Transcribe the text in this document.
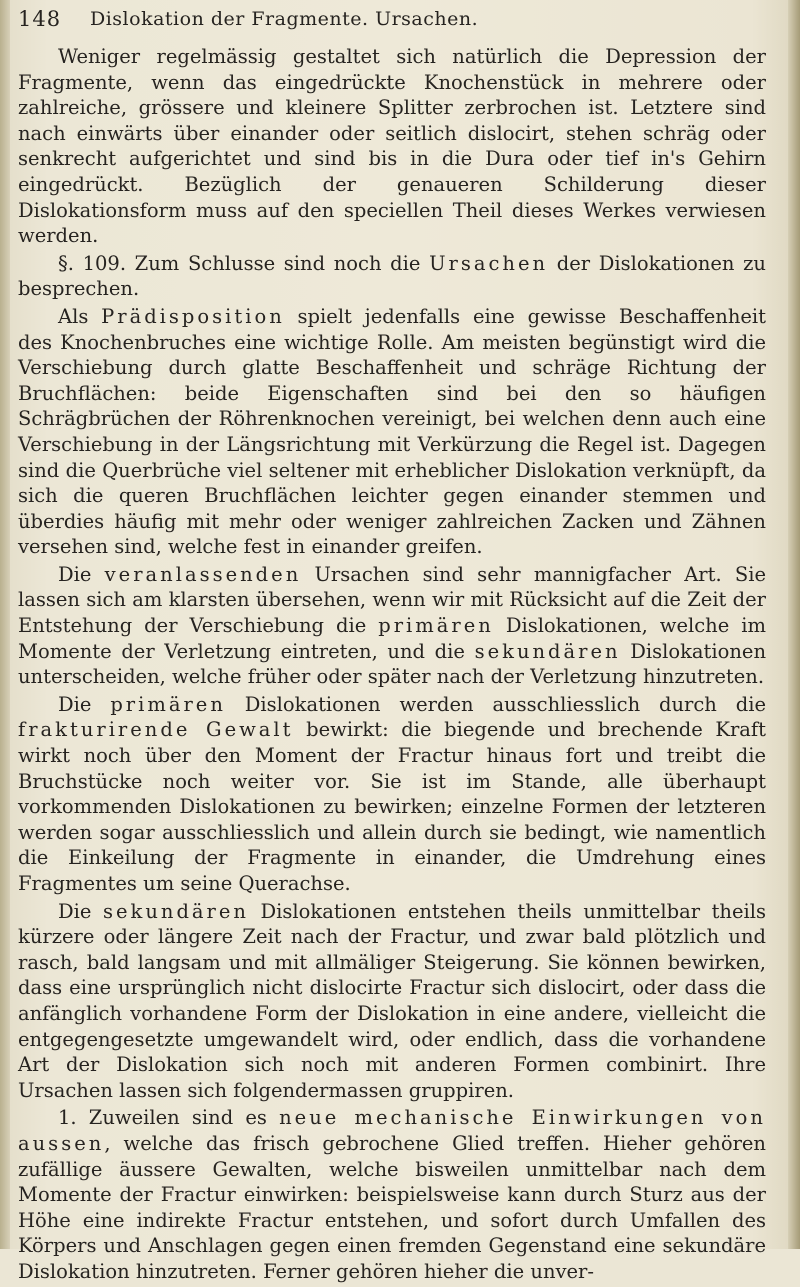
148 Dislokation der Fragmente. Ursachen.

Weniger regelmässig gestaltet sich natürlich die Depression der Fragmente, wenn das eingedrückte Knochenstück in mehrere oder zahlreiche, grössere und kleinere Splitter zerbrochen ist. Letztere sind nach einwärts über einander oder seitlich dislocirt, stehen schräg oder senkrecht aufgerichtet und sind bis in die Dura oder tief in's Gehirn eingedrückt. Bezüglich der genaueren Schilderung dieser Dislokationsform muss auf den speciellen Theil dieses Werkes verwiesen werden.

§. 109. Zum Schlusse sind noch die Ursachen der Dislokationen zu besprechen.

Als Prädisposition spielt jedenfalls eine gewisse Beschaffenheit des Knochenbruches eine wichtige Rolle. Am meisten begünstigt wird die Verschiebung durch glatte Beschaffenheit und schräge Richtung der Bruchflächen: beide Eigenschaften sind bei den so häufigen Schrägbrüchen der Röhrenknochen vereinigt, bei welchen denn auch eine Verschiebung in der Längsrichtung mit Verkürzung die Regel ist. Dagegen sind die Querbrüche viel seltener mit erheblicher Dislokation verknüpft, da sich die queren Bruchflächen leichter gegen einander stemmen und überdies häufig mit mehr oder weniger zahlreichen Zacken und Zähnen versehen sind, welche fest in einander greifen.

Die veranlassenden Ursachen sind sehr mannigfacher Art. Sie lassen sich am klarsten übersehen, wenn wir mit Rücksicht auf die Zeit der Entstehung der Verschiebung die primären Dislokationen, welche im Momente der Verletzung eintreten, und die sekundären Dislokationen unterscheiden, welche früher oder später nach der Verletzung hinzutreten.

Die primären Dislokationen werden ausschliesslich durch die frakturirende Gewalt bewirkt: die biegende und brechende Kraft wirkt noch über den Moment der Fractur hinaus fort und treibt die Bruchstücke noch weiter vor. Sie ist im Stande, alle überhaupt vorkommenden Dislokationen zu bewirken; einzelne Formen der letzteren werden sogar ausschliesslich und allein durch sie bedingt, wie namentlich die Einkeilung der Fragmente in einander, die Umdrehung eines Fragmentes um seine Querachse.

Die sekundären Dislokationen entstehen theils unmittelbar theils kürzere oder längere Zeit nach der Fractur, und zwar bald plötzlich und rasch, bald langsam und mit allmäliger Steigerung. Sie können bewirken, dass eine ursprünglich nicht dislocirte Fractur sich dislocirt, oder dass die anfänglich vorhandene Form der Dislokation in eine andere, vielleicht die entgegengesetzte umgewandelt wird, oder endlich, dass die vorhandene Art der Dislokation sich noch mit anderen Formen combinirt. Ihre Ursachen lassen sich folgendermassen gruppiren.

1. Zuweilen sind es neue mechanische Einwirkungen von aussen, welche das frisch gebrochene Glied treffen. Hieher gehören zufällige äussere Gewalten, welche bisweilen unmittelbar nach dem Momente der Fractur einwirken: beispielsweise kann durch Sturz aus der Höhe eine indirekte Fractur entstehen, und sofort durch Umfallen des Körpers und Anschlagen gegen einen fremden Gegenstand eine sekundäre Dislokation hinzutreten. Ferner gehören hieher die unver-
